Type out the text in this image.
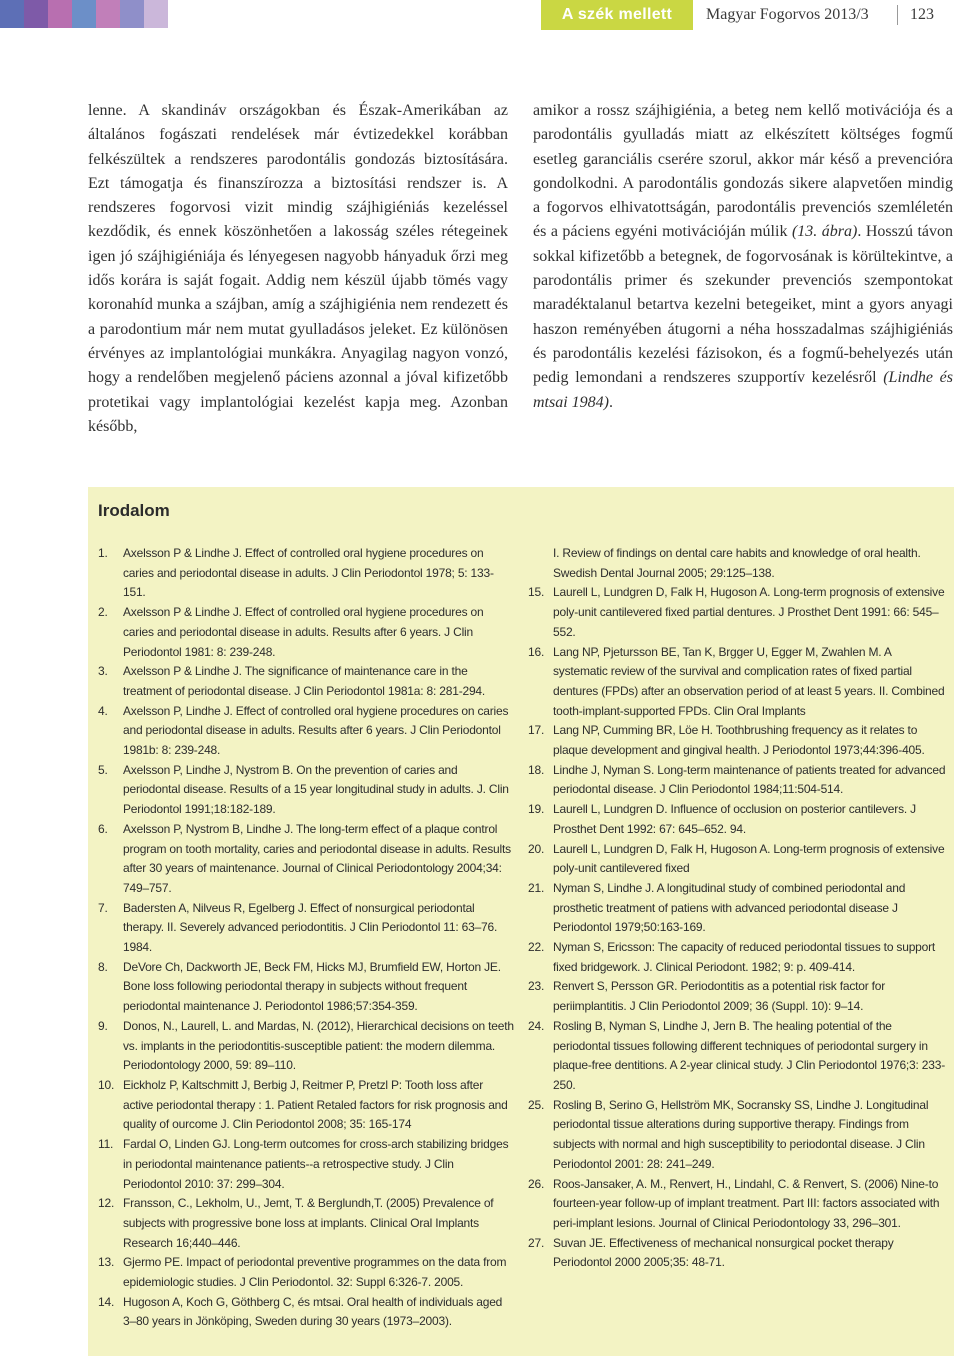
A szék mellett	Magyar Fogorvos 2013/3	123

lenne. A skandináv országokban és Észak-Amerikában az általános fogászati rendelések már évtizedekkel korábban felkészültek a rendszeres parodontális gondozás biztosítására. Ezt támogatja és finanszírozza a biztosítási rendszer is. A rendszeres fogorvosi vizit mindig szájhigiéniás kezeléssel kezdődik, és ennek köszönhetően a lakosság széles rétegeinek igen jó szájhigiéniája és lényegesen nagyobb hányaduk őrzi meg idős korára is saját fogait. Addig nem készül újabb tömés vagy koronahíd munka a szájban, amíg a szájhigiénia nem rendezett és a parodontium már nem mutat gyulladásos jeleket. Ez különösen érvényes az implantológiai munkákra. Anyagilag nagyon vonzó, hogy a rendelőben megjelenő páciens azonnal a jóval kifizetőbb protetikai vagy implantológiai kezelést kapja meg. Azonban később,

amikor a rossz szájhigiénia, a beteg nem kellő motivációja és a parodontális gyulladás miatt az elkészített költséges fogmű esetleg garanciális cserére szorul, akkor már késő a prevencióra gondolkodni. A parodontális gondozás sikere alapvetően mindig a fogorvos elhivatottságán, parodontális prevenciós szemléletén és a páciens egyéni motivációján múlik (13. ábra). Hosszú távon sokkal kifizetőbb a betegnek, de fogorvosának is körültekintve, a parodontális primer és szekunder prevenciós szempontokat maradéktalanul betartva kezelni betegeiket, mint a gyors anyagi haszon reményében átugorni a néha hosszadalmas szájhigiéniás és parodontális kezelési fázisokon, és a fogmű-behelyezés után pedig lemondani a rendszeres szupportív kezelésről (Lindhe és mtsai 1984).

Irodalom
1. Axelsson P & Lindhe J. Effect of controlled oral hygiene procedures on caries and periodontal disease in adults. J Clin Periodontol 1978; 5: 133-151.
2. Axelsson P & Lindhe J. Effect of controlled oral hygiene procedures on caries and periodontal disease in adults. Results after 6 years. J Clin Periodontol 1981: 8: 239-248.
3. Axelsson P & Lindhe J. The significance of maintenance care in the treatment of periodontal disease. J Clin Periodontol 1981a: 8: 281-294.
4. Axelsson P, Lindhe J. Effect of controlled oral hygiene procedures on caries and periodontal disease in adults. Results after 6 years. J Clin Periodontol 1981b: 8: 239-248.
5. Axelsson P, Lindhe J, Nystrom B. On the prevention of caries and periodontal disease. Results of a 15 year longitudinal study in adults. J. Clin Periodontol 1991;18:182-189.
6. Axelsson P, Nystrom B, Lindhe J. The long-term effect of a plaque control program on tooth mortality, caries and periodontal disease in adults. Results after 30 years of maintenance. Journal of Clinical Periodontology 2004;34: 749–757.
7. Badersten A, Nilveus R, Egelberg J. Effect of nonsurgical periodontal therapy. II. Severely advanced periodontitis. J Clin Periodontol 11: 63–76. 1984.
8. DeVore Ch, Dackworth JE, Beck FM, Hicks MJ, Brumfield EW, Horton JE. Bone loss following periodontal therapy in subjects without frequent periodontal maintenance J. Periodontol 1986;57:354-359.
9. Donos, N., Laurell, L. and Mardas, N. (2012), Hierarchical decisions on teeth vs. implants in the periodontitis-susceptible patient: the modern dilemma. Periodontology 2000, 59: 89–110.
10. Eickholz P, Kaltschmitt J, Berbig J, Reitmer P, Pretzl P: Tooth loss after active periodontal therapy : 1. Patient Retaled factors for risk prognosis and quality of ourcome J. Clin Periodontol 2008; 35: 165-174
11. Fardal O, Linden GJ. Long-term outcomes for cross-arch stabilizing bridges in periodontal maintenance patients--a retrospective study. J Clin Periodontol 2010: 37: 299–304.
12. Fransson, C., Lekholm, U., Jemt, T. & Berglundh,T. (2005) Prevalence of subjects with progressive bone loss at implants. Clinical Oral Implants Research 16;440–446.
13. Gjermo PE. Impact of periodontal preventive programmes on the data from epidemiologic studies. J Clin Periodontol. 32: Suppl 6:326-7. 2005.
14. Hugoson A, Koch G, Göthberg C, és mtsai. Oral health of individuals aged 3–80 years in Jönköping, Sweden during 30 years (1973–2003).
I. Review of findings on dental care habits and knowledge of oral health. Swedish Dental Journal 2005; 29:125–138.
15. Laurell L, Lundgren D, Falk H, Hugoson A. Long-term prognosis of extensive poly-unit cantilevered fixed partial dentures. J Prosthet Dent 1991: 66: 545–552.
16. Lang NP, Pjetursson BE, Tan K, Brgger U, Egger M, Zwahlen M. A systematic review of the survival and complication rates of fixed partial dentures (FPDs) after an observation period of at least 5 years. II. Combined tooth-implant-supported FPDs. Clin Oral Implants
17. Lang NP, Cumming BR, Löe H. Toothbrushing frequency as it relates to plaque development and gingival health. J Periodontol 1973;44:396-405.
18. Lindhe J, Nyman S. Long-term maintenance of patients treated for advanced periodontal disease. J Clin Periodontol 1984;11:504-514.
19. Laurell L, Lundgren D. Influence of occlusion on posterior cantilevers. J Prosthet Dent 1992: 67: 645–652. 94.
20. Laurell L, Lundgren D, Falk H, Hugoson A. Long-term prognosis of extensive poly-unit cantilevered fixed
21. Nyman S, Lindhe J. A longitudinal study of combined periodontal and prosthetic treatment of patiens with advanced periodontal disease J Periodontol 1979;50:163-169.
22. Nyman S, Ericsson: The capacity of reduced periodontal tissues to support fixed bridgework. J. Clinical Periodont. 1982; 9: p. 409-414.
23. Renvert S, Persson GR. Periodontitis as a potential risk factor for periimplantitis. J Clin Periodontol 2009; 36 (Suppl. 10): 9–14.
24. Rosling B, Nyman S, Lindhe J, Jern B. The healing potential of the periodontal tissues following different techniques of periodontal surgery in plaque-free dentitions. A 2-year clinical study. J Clin Periodontol 1976;3: 233-250.
25. Rosling B, Serino G, Hellström MK, Socransky SS, Lindhe J. Longitudinal periodontal tissue alterations during supportive therapy. Findings from subjects with normal and high susceptibility to periodontal disease. J Clin Periodontol 2001: 28: 241–249.
26. Roos-Jansaker, A. M., Renvert, H., Lindahl, C. & Renvert, S. (2006) Nine-to fourteen-year follow-up of implant treatment. Part III: factors associated with peri-implant lesions. Journal of Clinical Periodontology 33, 296–301.
27. Suvan JE. Effectiveness of mechanical nonsurgical pocket therapy Periodontol 2000 2005;35: 48-71.
